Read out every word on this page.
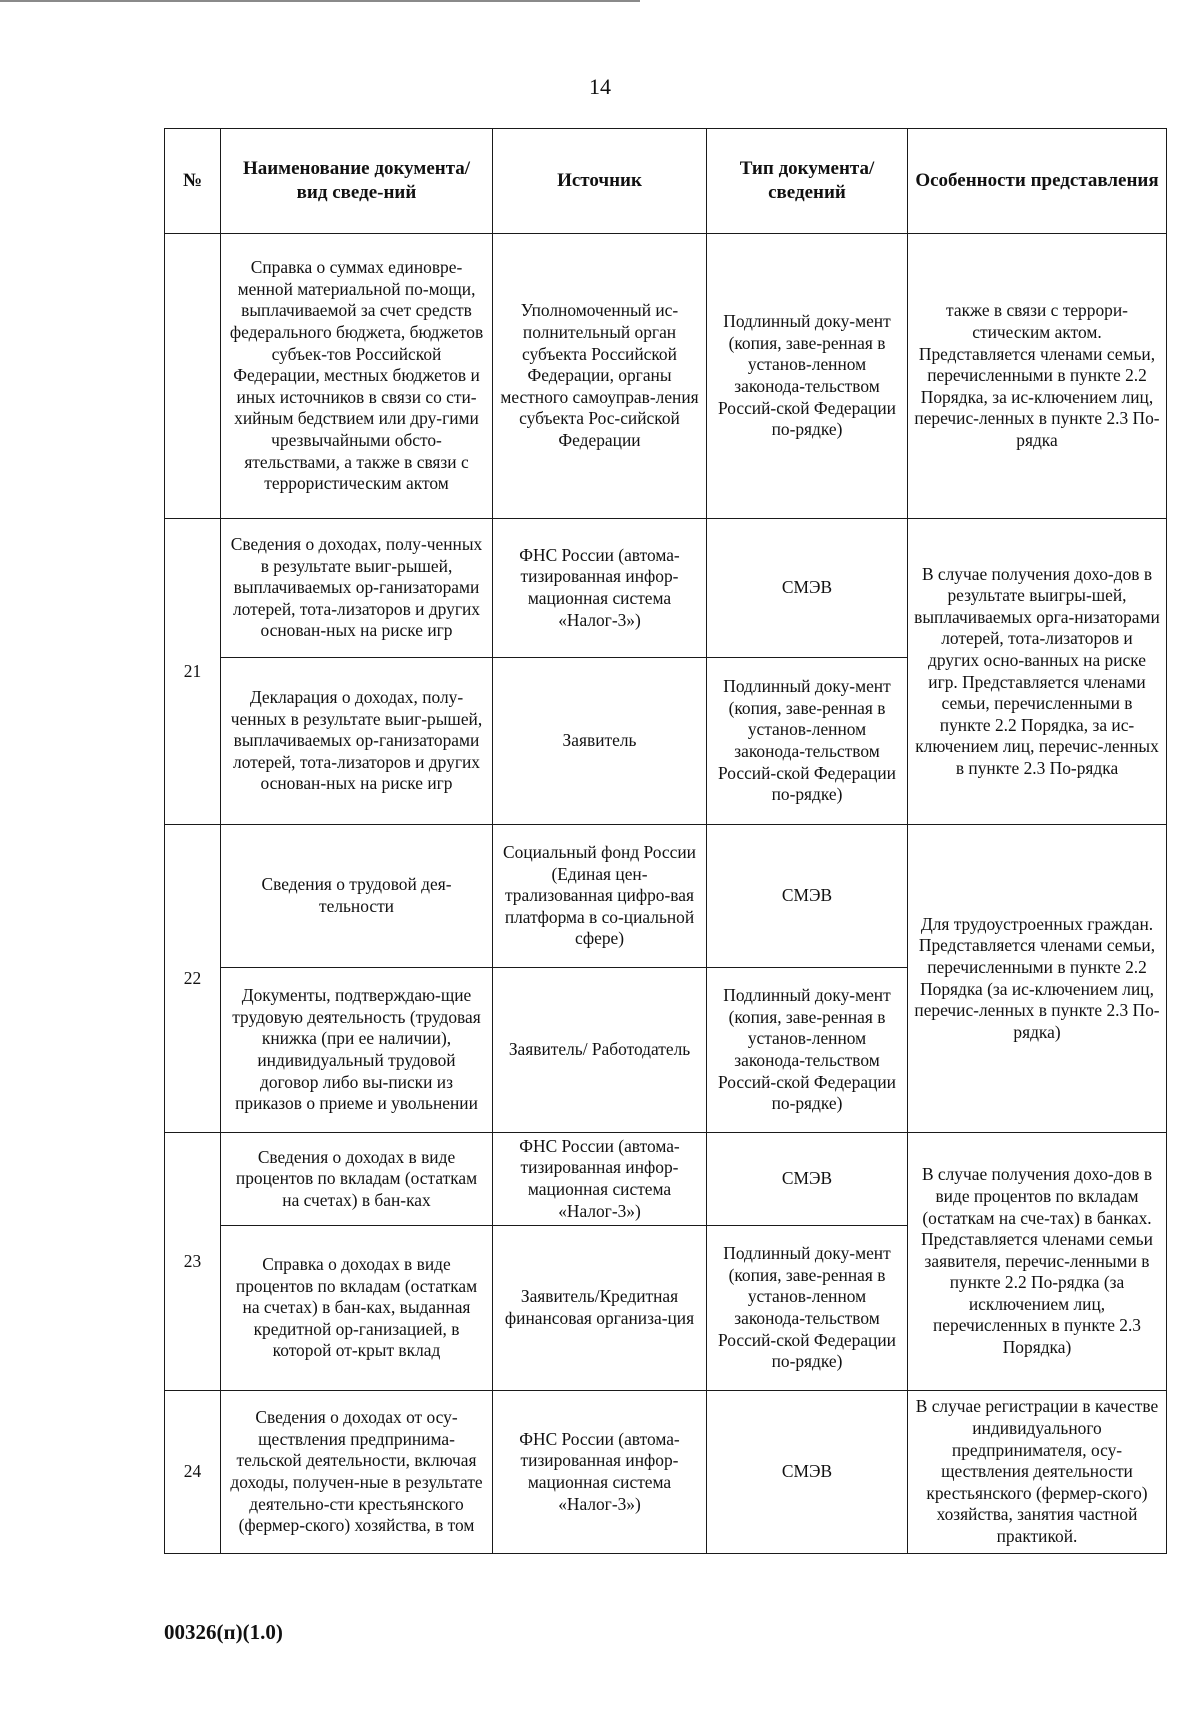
14
№	Наименование документа/ вид сведе-ний	Источник	Тип документа/ сведений	Особенности представления
	Справка о суммах единовре-менной материальной по-мощи, выплачиваемой за счет средств федерального бюджета, бюджетов субъек-тов Российской Федерации, местных бюджетов и иных источников в связи со сти-хийным бедствием или дру-гими чрезвычайными обсто-ятельствами, а также в связи с террористическим актом	Уполномоченный ис-полнительный орган субъекта Российской Федерации, органы местного самоуправ-ления субъекта Рос-сийской Федерации	Подлинный доку-мент (копия, заве-ренная в установ-ленном законода-тельством Россий-ской Федерации по-рядке)	также в связи с террори-стическим актом. Представляется членами семьи, перечисленными в пункте 2.2 Порядка, за ис-ключением лиц, перечис-ленных в пункте 2.3 По-рядка
21	Сведения о доходах, полу-ченных в результате выиг-рышей, выплачиваемых ор-ганизаторами лотерей, тота-лизаторов и других основан-ных на риске игр	ФНС России (автома-тизированная инфор-мационная система «Налог-3»)	СМЭВ	В случае получения дохо-дов в результате выигры-шей, выплачиваемых орга-низаторами лотерей, тота-лизаторов и других осно-ванных на риске игр. Представляется членами семьи, перечисленными в пункте 2.2 Порядка, за ис-ключением лиц, перечис-ленных в пункте 2.3 По-рядка
	Декларация о доходах, полу-ченных в результате выиг-рышей, выплачиваемых ор-ганизаторами лотерей, тота-лизаторов и других основан-ных на риске игр	Заявитель	Подлинный доку-мент (копия, заве-ренная в установ-ленном законода-тельством Россий-ской Федерации по-рядке)	
22	Сведения о трудовой дея-тельности	Социальный фонд России (Единая цен-трализованная цифро-вая платформа в со-циальной сфере)	СМЭВ	Для трудоустроенных граждан. Представляется членами семьи, перечисленными в пункте 2.2 Порядка (за ис-ключением лиц, перечис-ленных в пункте 2.3 По-рядка)
	Документы, подтверждаю-щие трудовую деятельность (трудовая книжка (при ее наличии), индивидуальный трудовой договор либо вы-писки из приказов о приеме и увольнении	Заявитель/ Работодатель	Подлинный доку-мент (копия, заве-ренная в установ-ленном законода-тельством Россий-ской Федерации по-рядке)	
23	Сведения о доходах в виде процентов по вкладам (остаткам на счетах) в бан-ках	ФНС России (автома-тизированная инфор-мационная система «Налог-3»)	СМЭВ	В случае получения дохо-дов в виде процентов по вкладам (остаткам на сче-тах) в банках. Представляется членами семьи заявителя, перечис-ленными в пункте 2.2 По-рядка (за исключением лиц, перечисленных в пункте 2.3 Порядка)
	Справка о доходах в виде процентов по вкладам (остаткам на счетах) в бан-ках, выданная кредитной ор-ганизацией, в которой от-крыт вклад	Заявитель/Кредитная финансовая организа-ция	Подлинный доку-мент (копия, заве-ренная в установ-ленном законода-тельством Россий-ской Федерации по-рядке)	
24	Сведения о доходах от осу-ществления предпринима-тельской деятельности, включая доходы, получен-ные в результате деятельно-сти крестьянского (фермер-ского) хозяйства, в том	ФНС России (автома-тизированная инфор-мационная система «Налог-3»)	СМЭВ	В случае регистрации в качестве индивидуального предпринимателя, осу-ществления деятельности крестьянского (фермер-ского) хозяйства, занятия частной практикой.
00326(п)(1.0)
